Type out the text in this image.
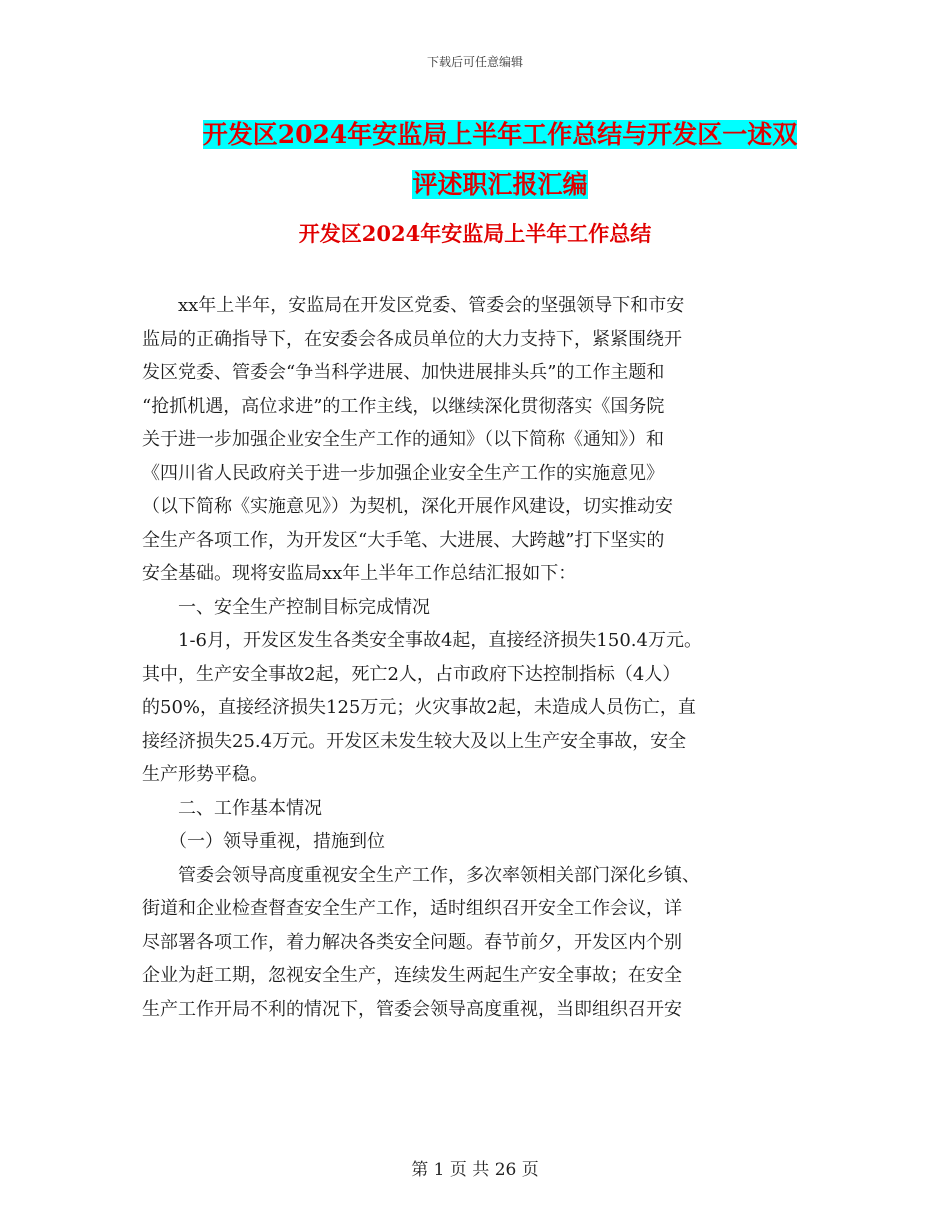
下载后可任意编辑
开发区2024年安监局上半年工作总结与开发区一述双
评述职汇报汇编
开发区2024年安监局上半年工作总结

　　xx年上半年，安监局在开发区党委、管委会的坚强领导下和市安

监局的正确指导下，在安委会各成员单位的大力支持下，紧紧围绕开

发区党委、管委会“争当科学进展、加快进展排头兵”的工作主题和

“抢抓机遇，高位求进”的工作主线，以继续深化贯彻落实《国务院

关于进一步加强企业安全生产工作的通知》（以下简称《通知》）和

《四川省人民政府关于进一步加强企业安全生产工作的实施意见》

（以下简称《实施意见》）为契机，深化开展作风建设，切实推动安

全生产各项工作，为开发区“大手笔、大进展、大跨越”打下坚实的

安全基础。现将安监局xx年上半年工作总结汇报如下：

　　一、安全生产控制目标完成情况

　　1-6月，开发区发生各类安全事故4起，直接经济损失150.4万元。

其中，生产安全事故2起，死亡2人，占市政府下达控制指标（4人）

的50%，直接经济损失125万元；火灾事故2起，未造成人员伤亡，直

接经济损失25.4万元。开发区未发生较大及以上生产安全事故，安全

生产形势平稳。

　　二、工作基本情况

　　（一）领导重视，措施到位

　　管委会领导高度重视安全生产工作，多次率领相关部门深化乡镇、

街道和企业检查督查安全生产工作，适时组织召开安全工作会议，详

尽部署各项工作，着力解决各类安全问题。春节前夕，开发区内个别

企业为赶工期，忽视安全生产，连续发生两起生产安全事故；在安全

生产工作开局不利的情况下，管委会领导高度重视，当即组织召开安

第 1 页 共 26 页
